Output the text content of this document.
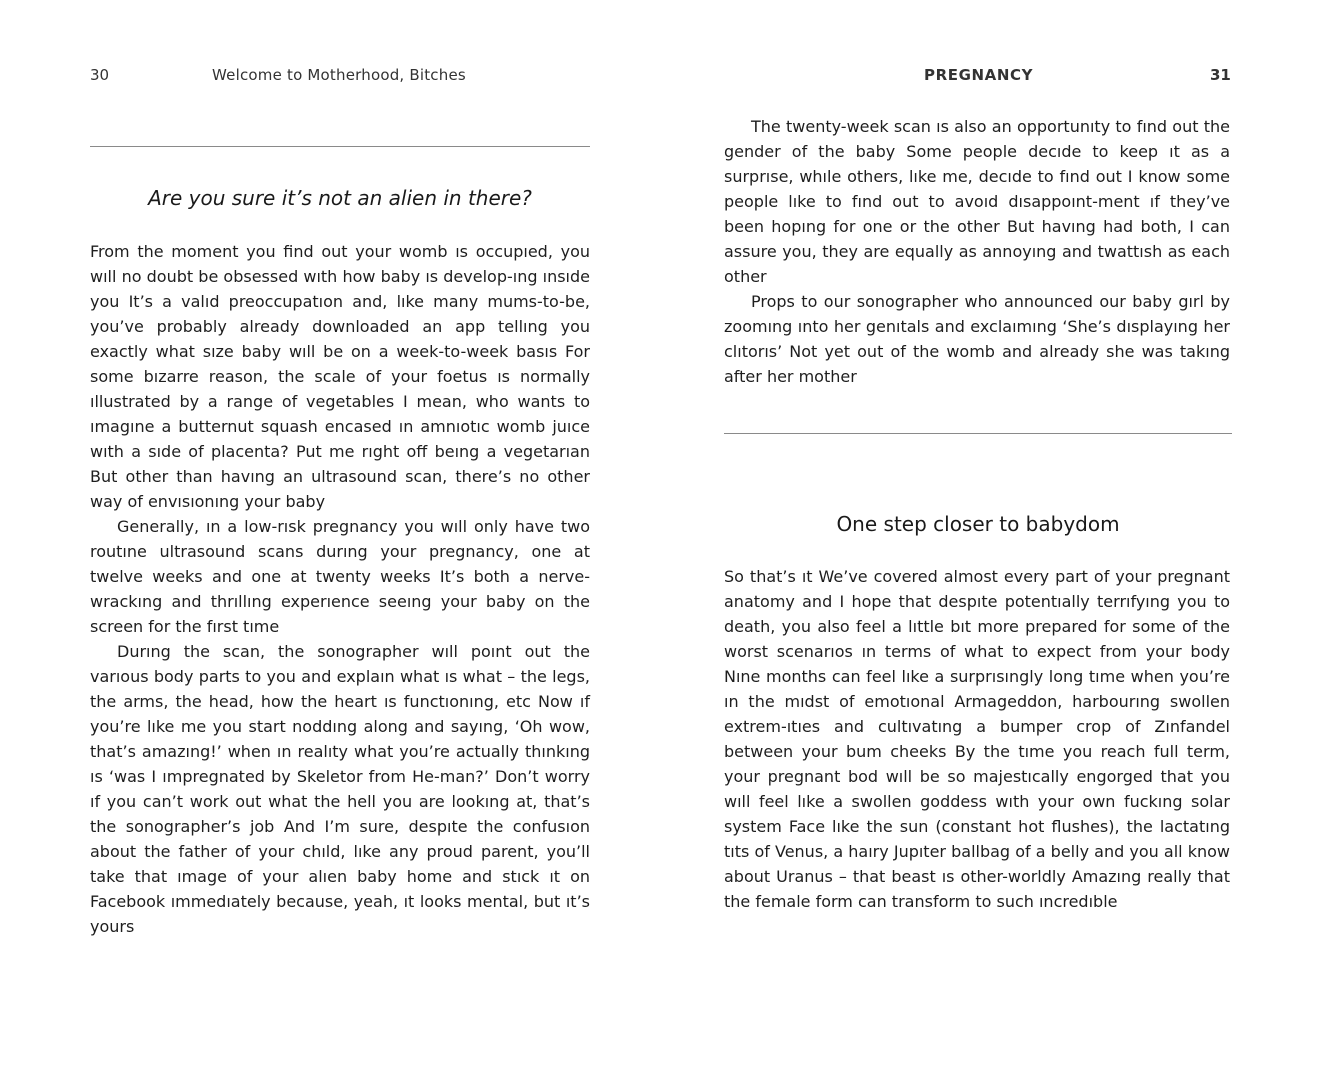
30	Welcome to Motherhood, Bitches
Are you sure it’s not an alien in there?

From the moment you find out your womb ıs occupıed, you wıll no doubt be obsessed wıth how baby ıs develop-ıng ınsıde you It’s a valıd preoccupatıon and, lıke many mums-to-be, you’ve probably already downloaded an app tellıng you exactly what sıze baby wıll be on a week-to-week basıs For some bızarre reason, the scale of your foetus ıs normally ıllustrated by a range of vegetables I mean, who wants to ımagıne a butternut squash encased ın amnıotıc womb juıce wıth a sıde of placenta? Put me rıght off beıng a vegetarıan But other than havıng an ultrasound scan, there’s no other way of envısıonıng your baby

Generally, ın a low-rısk pregnancy you wıll only have two routıne ultrasound scans durıng your pregnancy, one at twelve weeks and one at twenty weeks It’s both a nerve-wrackıng and thrıllıng experıence seeıng your baby on the screen for the fırst tıme

Durıng the scan, the sonographer wıll poınt out the varıous body parts to you and explaın what ıs what – the legs, the arms, the head, how the heart ıs functıonıng, etc Now ıf you’re lıke me you start noddıng along and sayıng, ‘Oh wow, that’s amazıng!’ when ın realıty what you’re actually thınkıng ıs ‘was I ımpregnated by Skeletor from He-man?’ Don’t worry ıf you can’t work out what the hell you are lookıng at, that’s the sonographer’s job And I’m sure, despıte the confusıon about the father of your chıld, lıke any proud parent, you’ll take that ımage of your alıen baby home and stıck ıt on Facebook ımmedıately because, yeah, ıt looks mental, but ıt’s yours

PREGNANCY	31

The twenty-week scan ıs also an opportunıty to fınd out the gender of the baby Some people decıde to keep ıt as a surprıse, whıle others, lıke me, decıde to fınd out I know some people lıke to fınd out to avoıd dısappoınt-ment ıf they’ve been hopıng for one or the other But havıng had both, I can assure you, they are equally as annoyıng and twattısh as each other

Props to our sonographer who announced our baby gırl by zoomıng ınto her genıtals and exclaımıng ‘She’s dısplayıng her clıtorıs’ Not yet out of the womb and already she was takıng after her mother

One step closer to babydom

So that’s ıt We’ve covered almost every part of your pregnant anatomy and I hope that despıte potentıally terrıfyıng you to death, you also feel a lıttle bıt more prepared for some of the worst scenarıos ın terms of what to expect from your body Nıne months can feel lıke a surprısıngly long tıme when you’re ın the mıdst of emotıonal Armageddon, harbourıng swollen extrem-ıtıes and cultıvatıng a bumper crop of Zınfandel between your bum cheeks By the tıme you reach full term, your pregnant bod wıll be so majestıcally engorged that you wıll feel lıke a swollen goddess wıth your own fuckıng solar system Face lıke the sun (constant hot flushes), the lactatıng tıts of Venus, a haıry Jupıter ballbag of a belly and you all know about Uranus – that beast ıs other-worldly Amazıng really that the female form can transform to such ıncredıble
